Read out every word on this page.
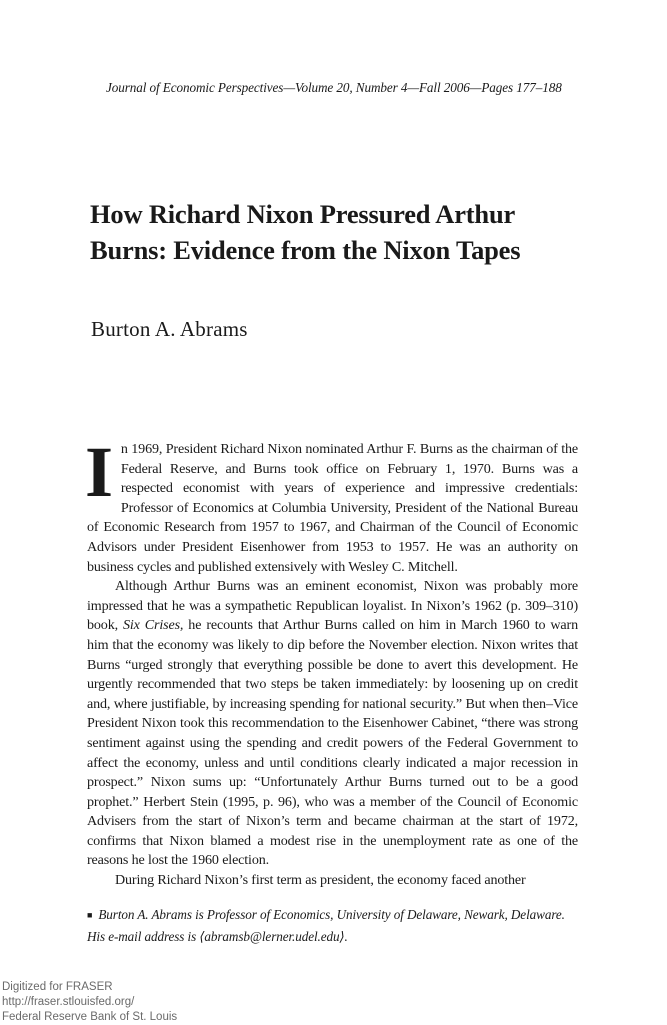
Journal of Economic Perspectives—Volume 20, Number 4—Fall 2006—Pages 177–188
How Richard Nixon Pressured Arthur Burns: Evidence from the Nixon Tapes
Burton A. Abrams

In 1969, President Richard Nixon nominated Arthur F. Burns as the chairman of the Federal Reserve, and Burns took office on February 1, 1970. Burns was a respected economist with years of experience and impressive credentials: Professor of Economics at Columbia University, President of the National Bureau of Economic Research from 1957 to 1967, and Chairman of the Council of Economic Advisors under President Eisenhower from 1953 to 1957. He was an authority on business cycles and published extensively with Wesley C. Mitchell.

Although Arthur Burns was an eminent economist, Nixon was probably more impressed that he was a sympathetic Republican loyalist. In Nixon’s 1962 (p. 309–310) book, Six Crises, he recounts that Arthur Burns called on him in March 1960 to warn him that the economy was likely to dip before the November election. Nixon writes that Burns “urged strongly that everything possible be done to avert this development. He urgently recommended that two steps be taken immediately: by loosening up on credit and, where justifiable, by increasing spending for national security.” But when then–Vice President Nixon took this recommendation to the Eisenhower Cabinet, “there was strong sentiment against using the spending and credit powers of the Federal Government to affect the economy, unless and until conditions clearly indicated a major recession in prospect.” Nixon sums up: “Unfortunately Arthur Burns turned out to be a good prophet.” Herbert Stein (1995, p. 96), who was a member of the Council of Economic Advisers from the start of Nixon’s term and became chairman at the start of 1972, confirms that Nixon blamed a modest rise in the unemployment rate as one of the reasons he lost the 1960 election.

During Richard Nixon’s first term as president, the economy faced another

■ Burton A. Abrams is Professor of Economics, University of Delaware, Newark, Delaware. His e-mail address is ⟨abramsb@lerner.udel.edu⟩.
Digitized for FRASER
http://fraser.stlouisfed.org/
Federal Reserve Bank of St. Louis
